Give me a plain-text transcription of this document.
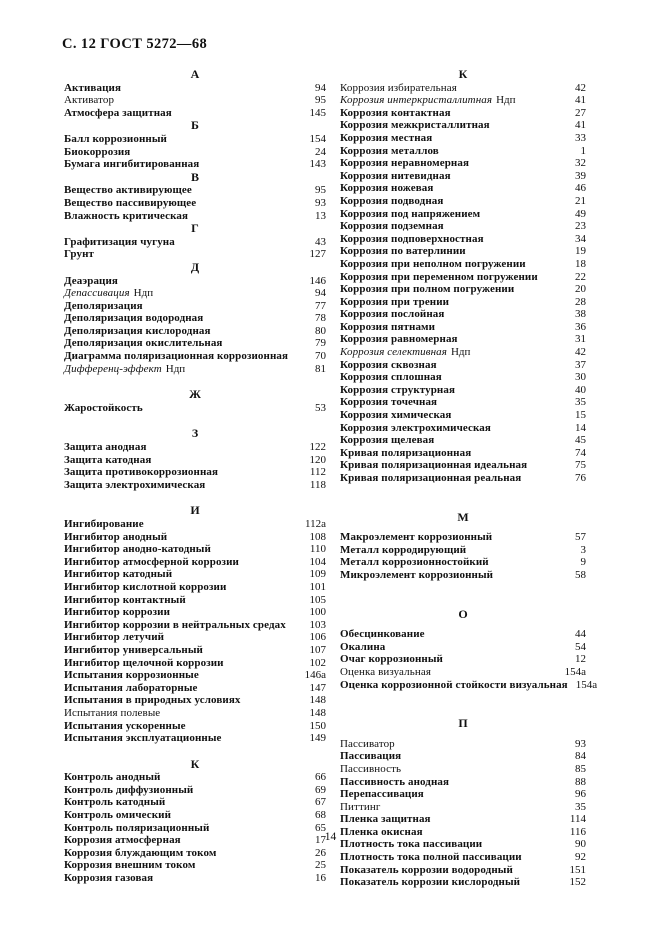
С. 12 ГОСТ 5272—68
А
Активация	94
Активатор	95
Атмосфера защитная	145
Б
Балл коррозионный	154
Биокоррозия	24
Бумага ингибитированная	143
В
Вещество активирующее	95
Вещество пассивирующее	93
Влажность критическая	13
Г
Графитизация чугуна	43
Грунт	127
Д
Деаэрация	146
Депассивация Ндп	94
Деполяризация	77
Деполяризация водородная	78
Деполяризация кислородная	80
Деполяризация окислительная	79
Диаграмма поляризационная коррозионная	70
Дифференц-эффект Ндп	81
Ж
Жаростойкость	53
З
Защита анодная	122
Защита катодная	120
Защита противокоррозионная	112
Защита электрохимическая	118
И
Ингибирование	112а
Ингибитор анодный	108
Ингибитор анодно-катодный	110
Ингибитор атмосферной коррозии	104
Ингибитор катодный	109
Ингибитор кислотной коррозии	101
Ингибитор контактный	105
Ингибитор коррозии	100
Ингибитор коррозии в нейтральных средах	103
Ингибитор летучий	106
Ингибитор универсальный	107
Ингибитор щелочной коррозии	102
Испытания коррозионные	146а
Испытания лабораторные	147
Испытания в природных условиях	148
Испытания полевые	148
Испытания ускоренные	150
Испытания эксплуатационные	149
К
Контроль анодный	66
Контроль диффузионный	69
Контроль катодный	67
Контроль омический	68
Контроль поляризационный	65
Коррозия атмосферная	17
Коррозия блуждающим током	26
Коррозия внешним током	25
Коррозия газовая	16
К
Коррозия избирательная	42
Коррозия интеркристаллитная Ндп	41
Коррозия контактная	27
Коррозия межкристаллитная	41
Коррозия местная	33
Коррозия металлов	1
Коррозия неравномерная	32
Коррозия нитевидная	39
Коррозия ножевая	46
Коррозия подводная	21
Коррозия под напряжением	49
Коррозия подземная	23
Коррозия подповерхностная	34
Коррозия по ватерлинии	19
Коррозия при неполном погружении	18
Коррозия при переменном погружении	22
Коррозия при полном погружении	20
Коррозия при трении	28
Коррозия послойная	38
Коррозия пятнами	36
Коррозия равномерная	31
Коррозия селективная Ндп	42
Коррозия сквозная	37
Коррозия сплошная	30
Коррозия структурная	40
Коррозия точечная	35
Коррозия химическая	15
Коррозия электрохимическая	14
Коррозия щелевая	45
Кривая поляризационная	74
Кривая поляризационная идеальная	75
Кривая поляризационная реальная	76
М
Макроэлемент коррозионный	57
Металл корродирующий	3
Металл коррозионностойкий	9
Микроэлемент коррозионный	58
О
Обесцинкование	44
Окалина	54
Очаг коррозионный	12
Оценка визуальная	154а
Оценка коррозионной стойкости визуальная 154а
П
Пассиватор	93
Пассивация	84
Пассивность	85
Пассивность анодная	88
Перепассивация	96
Питтинг	35
Пленка защитная	114
Пленка окисная	116
Плотность тока пассивации	90
Плотность тока полной пассивации	92
Показатель коррозии водородный	151
Показатель коррозии кислородный	152
14
